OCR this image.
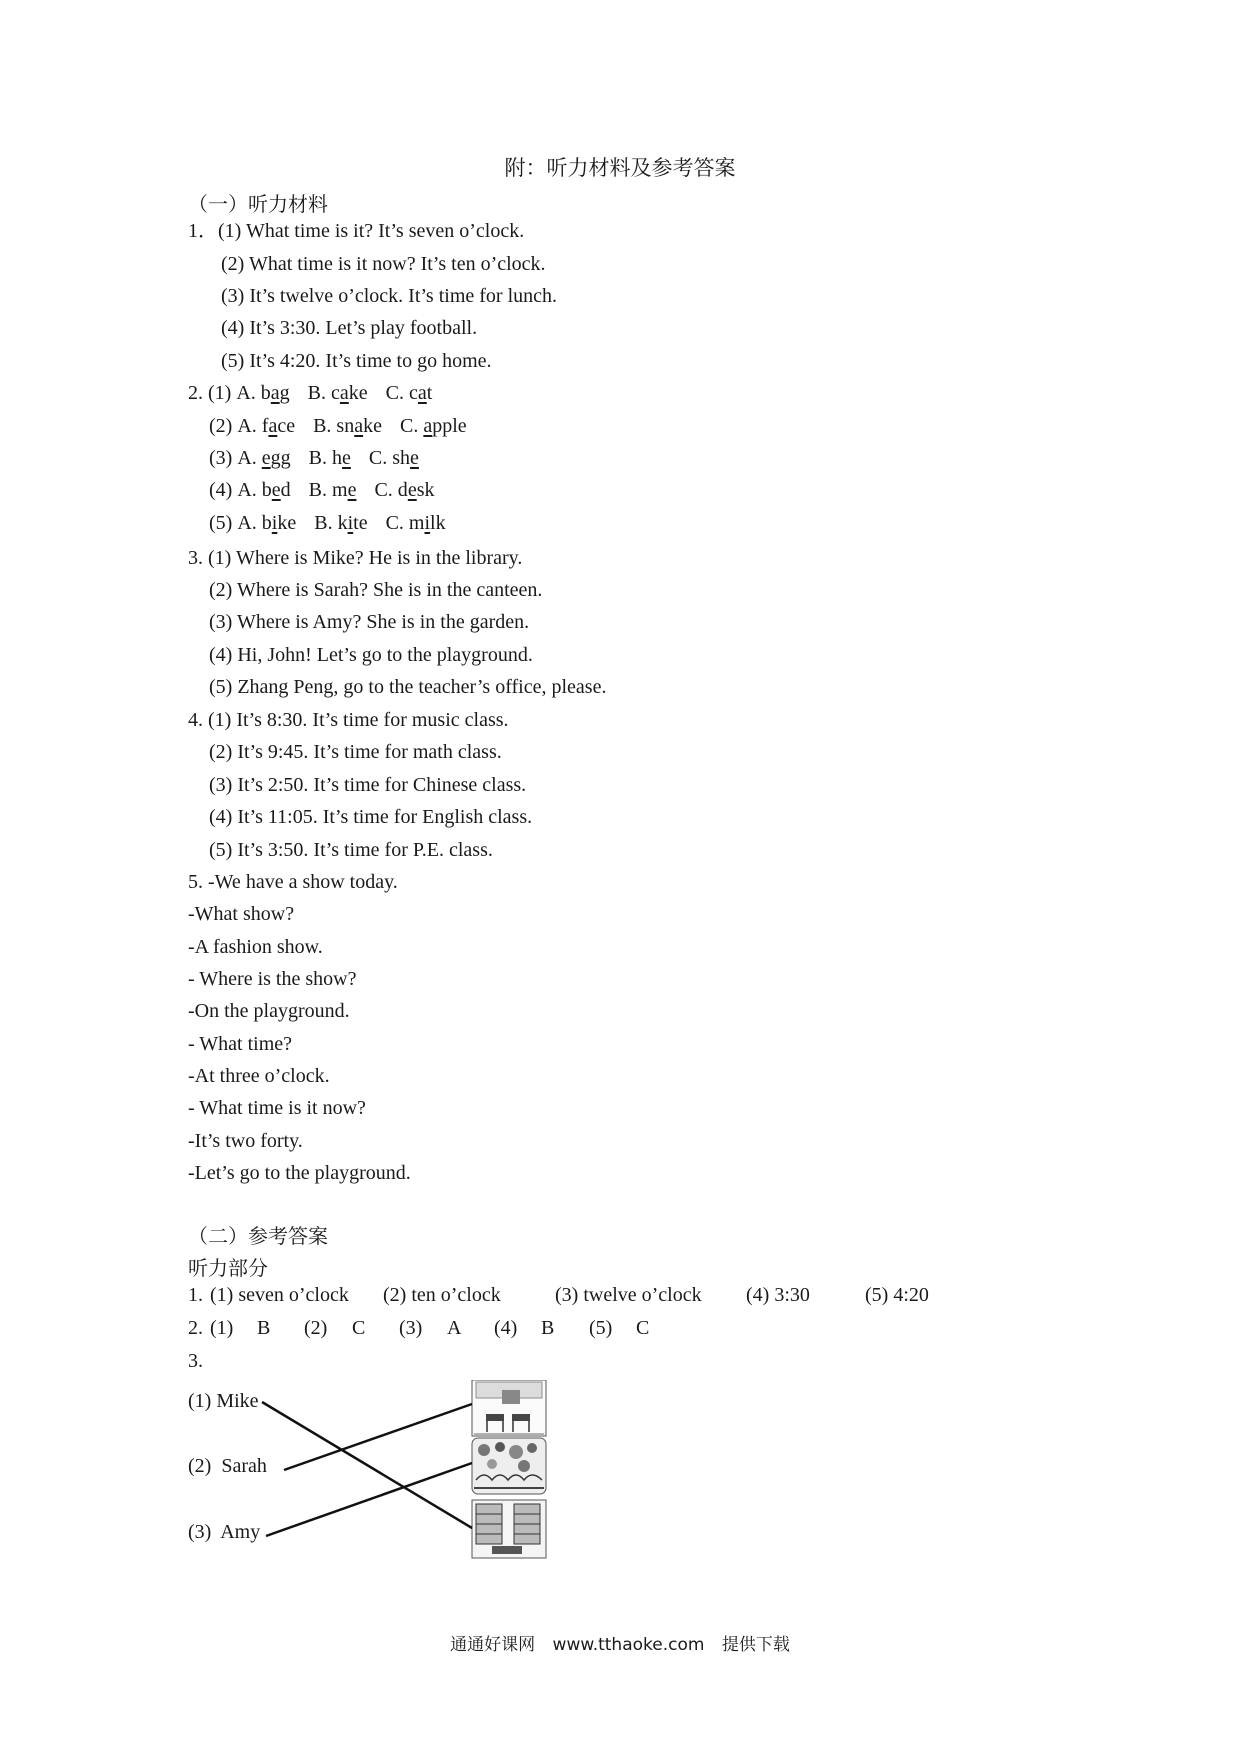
附：听力材料及参考答案
（一）听力材料
1．(1) What time is it? It’s seven o’clock.
(2) What time is it now? It’s ten o’clock.
(3) It’s twelve o’clock. It’s time for lunch.
(4) It’s 3:30. Let’s play football.
(5) It’s 4:20. It’s time to go home.
2. (1) A. bag B. cake C. cat
(2) A. face B. snake C. apple
(3) A. egg B. he C. she
(4) A. bed B. me C. desk
(5) A. bike B. kite C. milk
3. (1) Where is Mike? He is in the library.
(2) Where is Sarah? She is in the canteen.
(3) Where is Amy? She is in the garden.
(4) Hi, John! Let’s go to the playground.
(5) Zhang Peng, go to the teacher’s office, please.
4. (1) It’s 8:30. It’s time for music class.
(2) It’s 9:45. It’s time for math class.
(3) It’s 2:50. It’s time for Chinese class.
(4) It’s 11:05. It’s time for English class.
(5) It’s 3:50. It’s time for P.E. class.
5. -We have a show today.
-What show?
-A fashion show.
- Where is the show?
-On the playground.
- What time?
-At three o’clock.
- What time is it now?
-It’s two forty.
-Let’s go to the playground.
（二）参考答案
听力部分
1. (1) seven o’clock (2) ten o’clock	(3) twelve o’clock (4) 3:30	(5) 4:20
2. (1) B (2) C (3) A (4) B (5) C
3.
(1) Mike
(2)  Sarah
(3)  Amy
通通好课网 www.tthaoke.com 提供下载
